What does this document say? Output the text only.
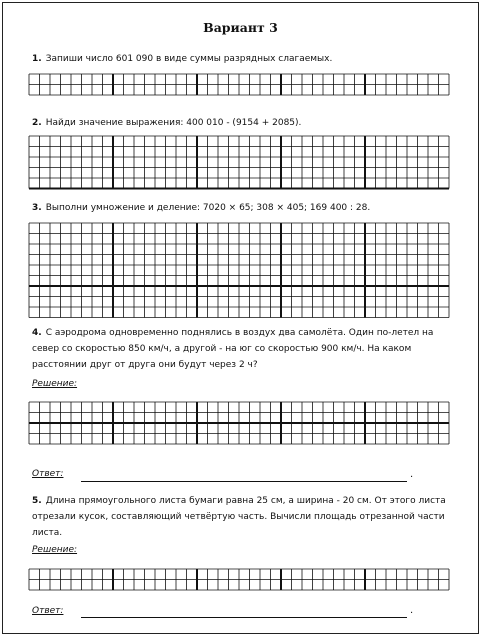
Вариант 3
1. Запиши число 601 090 в виде суммы разрядных слагаемых.
2. Найди значение выражения: 400 010 - (9154 + 2085).
3. Выполни умножение и деление: 7020 × 65; 308 × 405; 169 400 : 28.
4. С аэродрома одновременно поднялись в воздух два самолёта. Один по-летел на север со скоростью 850 км/ч, а другой - на юг со скоростью 900 км/ч. На каком расстоянии друг от друга они будут через 2 ч?
Решение:
Ответ:	.
5. Длина прямоугольного листа бумаги равна 25 см, а ширина - 20 см. От этого листа отрезали кусок, составляющий четвёртую часть. Вычисли площадь отрезанной части листа.
Решение:
Ответ:	.
